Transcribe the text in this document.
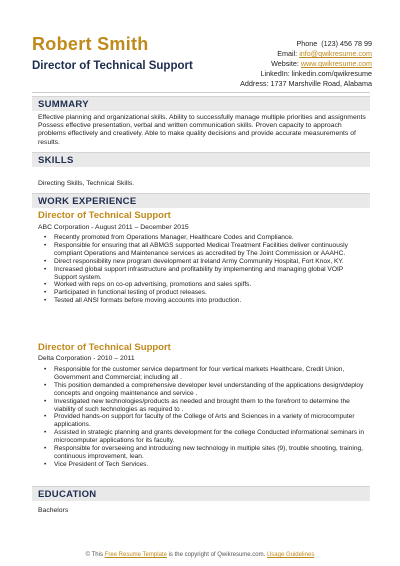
Robert Smith
Director of Technical Support
Phone (123) 456 78 99
Email: info@qwikresume.com
Website: www.qwikresume.com
LinkedIn: linkedin.com/qwikresume
Address: 1737 Marshville Road, Alabama
SUMMARY
Effective planning and organizational skills. Ability to successfully manage multiple priorities and assignments Possess effective presentation, verbal and written communication skills. Proven capacity to approach problems effectively and creatively. Able to make quality decisions and provide accurate measurements of results.
SKILLS
Directing Skills, Technical Skills.
WORK EXPERIENCE
Director of Technical Support
ABC Corporation - August 2011 – December 2015
• Recently promoted from Operations Manager, Healthcare Codes and Compliance.
• Responsible for ensuring that all ABMGS supported Medical Treatment Facilities deliver continuously compliant Operations and Maintenance services as accredited by The Joint Commission or AAAHC.
• Direct responsibility new program development at Ireland Army Community Hospital, Fort Knox, KY.
• Increased global support infrastructure and profitability by implementing and managing global VOIP Support system.
• Worked with reps on co-op advertising, promotions and sales spiffs.
• Participated in functional testing of product releases.
• Tested all ANSI formats before moving accounts into production.
Director of Technical Support
Delta Corporation - 2010 – 2011
• Responsible for the customer service department for four vertical markets Healthcare, Credit Union, Government and Commercial; including all .
• This position demanded a comprehensive developer level understanding of the applications design/deploy concepts and ongoing maintenance and service .
• Investigated new technologies/products as needed and brought them to the forefront to determine the viability of such technologies as required to .
• Provided hands-on support for faculty of the College of Arts and Sciences in a variety of microcomputer applications.
• Assisted in strategic planning and grants development for the college Conducted informational seminars in microcomputer applications for its faculty.
• Responsible for overseeing and introducing new technology in multiple sites (9), trouble shooting, training, continuous improvement, lean.
• Vice President of Tech Services.
EDUCATION
Bachelors
© This Free Resume Template is the copyright of Qwikresume.com. Usage Guidelines
